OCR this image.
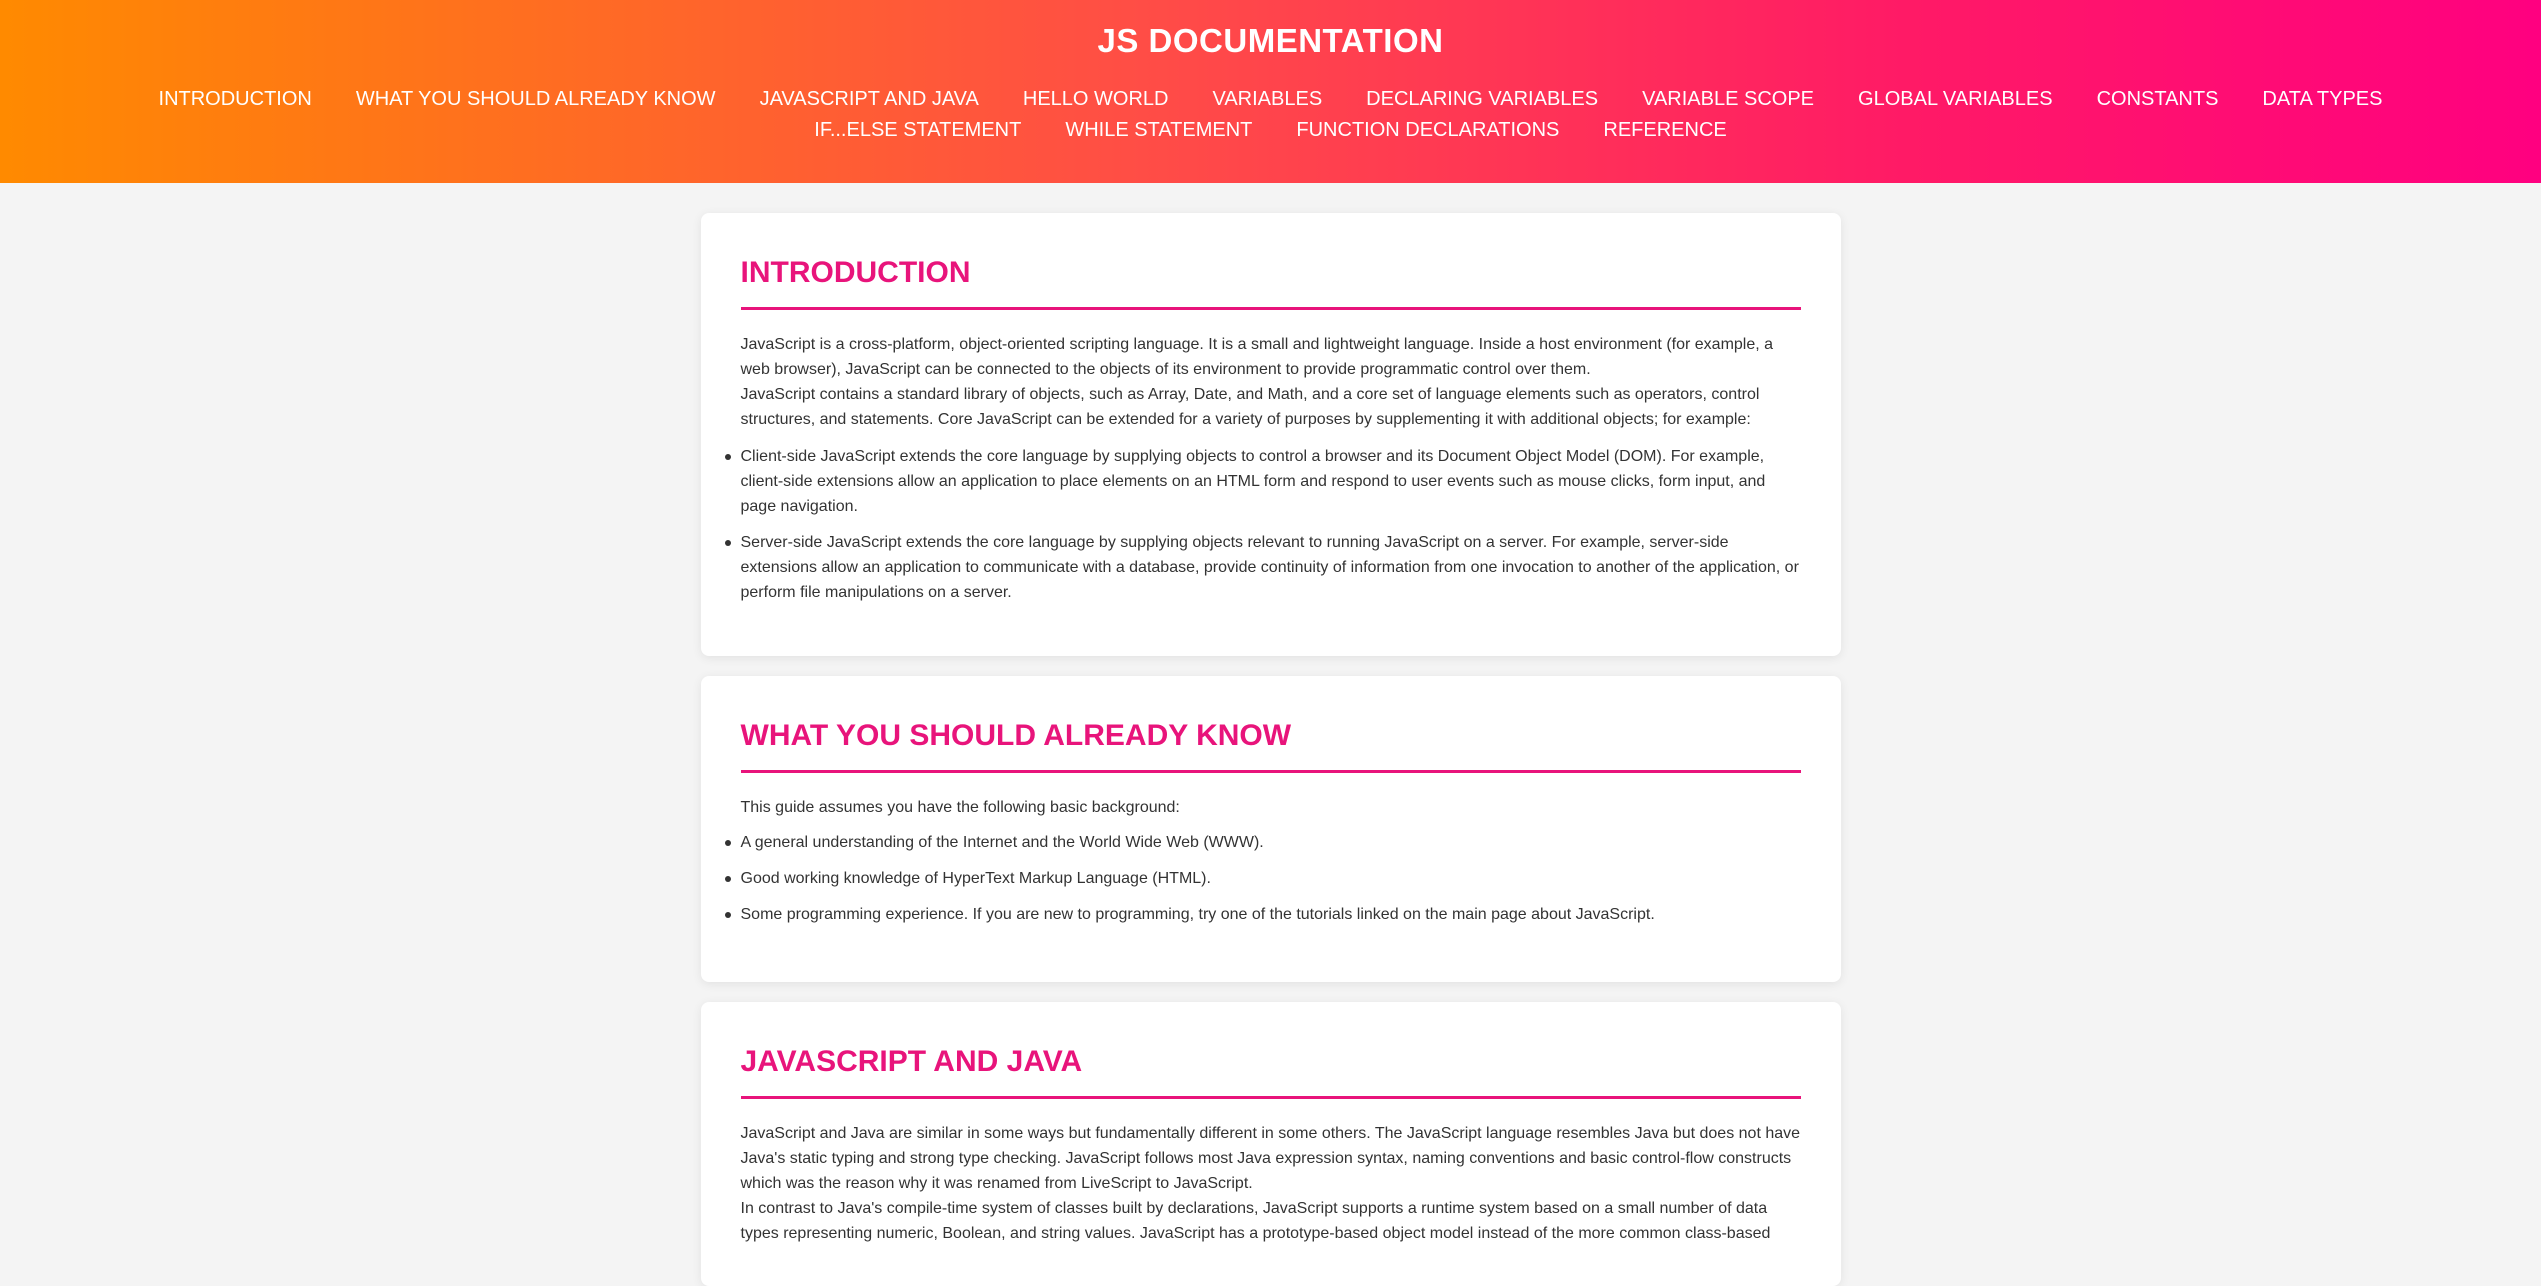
JS DOCUMENTATION
INTRODUCTION	WHAT YOU SHOULD ALREADY KNOW	JAVASCRIPT AND JAVA	HELLO WORLD	VARIABLES	DECLARING VARIABLES	VARIABLE SCOPE	GLOBAL VARIABLES	CONSTANTS	DATA TYPES
IF...ELSE STATEMENT	WHILE STATEMENT	FUNCTION DECLARATIONS	REFERENCE
INTRODUCTION

JavaScript is a cross-platform, object-oriented scripting language. It is a small and lightweight language. Inside a host environment (for example, a web browser), JavaScript can be connected to the objects of its environment to provide programmatic control over them.

JavaScript contains a standard library of objects, such as Array, Date, and Math, and a core set of language elements such as operators, control structures, and statements. Core JavaScript can be extended for a variety of purposes by supplementing it with additional objects; for example:

Client-side JavaScript extends the core language by supplying objects to control a browser and its Document Object Model (DOM). For example, client-side extensions allow an application to place elements on an HTML form and respond to user events such as mouse clicks, form input, and page navigation.
Server-side JavaScript extends the core language by supplying objects relevant to running JavaScript on a server. For example, server-side extensions allow an application to communicate with a database, provide continuity of information from one invocation to another of the application, or perform file manipulations on a server.
WHAT YOU SHOULD ALREADY KNOW

This guide assumes you have the following basic background:

A general understanding of the Internet and the World Wide Web (WWW).
Good working knowledge of HyperText Markup Language (HTML).
Some programming experience. If you are new to programming, try one of the tutorials linked on the main page about JavaScript.
JAVASCRIPT AND JAVA

JavaScript and Java are similar in some ways but fundamentally different in some others. The JavaScript language resembles Java but does not have Java's static typing and strong type checking. JavaScript follows most Java expression syntax, naming conventions and basic control-flow constructs which was the reason why it was renamed from LiveScript to JavaScript.

In contrast to Java's compile-time system of classes built by declarations, JavaScript supports a runtime system based on a small number of data types representing numeric, Boolean, and string values. JavaScript has a prototype-based object model instead of the more common class-based
